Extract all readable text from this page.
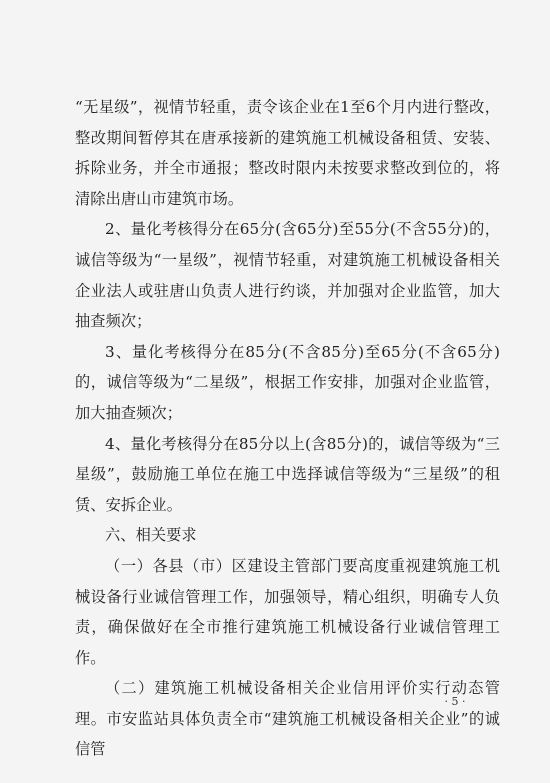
“无星级”，视情节轻重，责令该企业在1至6个月内进行整改，整改期间暂停其在唐承接新的建筑施工机械设备租赁、安装、拆除业务，并全市通报；整改时限内未按要求整改到位的，将清除出唐山市建筑市场。

2、量化考核得分在65分(含65分)至55分(不含55分)的，诚信等级为“一星级”，视情节轻重，对建筑施工机械设备相关企业法人或驻唐山负责人进行约谈，并加强对企业监管，加大抽查频次；

3、量化考核得分在85分(不含85分)至65分(不含65分)的，诚信等级为“二星级”，根据工作安排，加强对企业监管，加大抽查频次；

4、量化考核得分在85分以上(含85分)的，诚信等级为“三星级”，鼓励施工单位在施工中选择诚信等级为“三星级”的租赁、安拆企业。

六、相关要求

（一）各县（市）区建设主管部门要高度重视建筑施工机械设备行业诚信管理工作，加强领导，精心组织，明确专人负责，确保做好在全市推行建筑施工机械设备行业诚信管理工作。

（二）建筑施工机械设备相关企业信用评价实行动态管理。市安监站具体负责全市“建筑施工机械设备相关企业”的诚信管

· 5 ·
